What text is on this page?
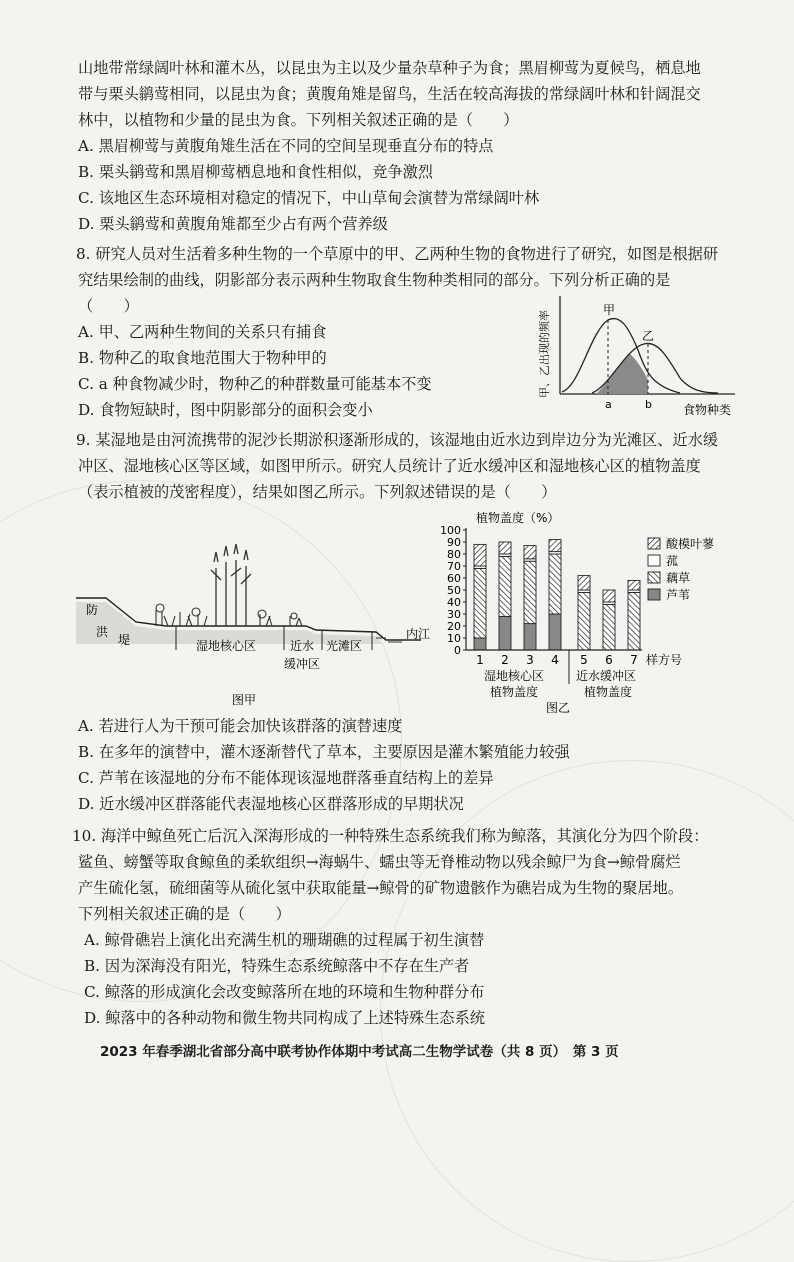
山地带常绿阔叶林和灌木丛，以昆虫为主以及少量杂草种子为食；黑眉柳莺为夏候鸟，栖息地
带与栗头鹟莺相同，以昆虫为食；黄腹角雉是留鸟，生活在较高海拔的常绿阔叶林和针阔混交
林中，以植物和少量的昆虫为食。下列相关叙述正确的是（　　）
A. 黑眉柳莺与黄腹角雉生活在不同的空间呈现垂直分布的特点
B. 栗头鹟莺和黑眉柳莺栖息地和食性相似，竞争激烈
C. 该地区生态环境相对稳定的情况下，中山草甸会演替为常绿阔叶林
D. 栗头鹟莺和黄腹角雉都至少占有两个营养级
8. 研究人员对生活着多种生物的一个草原中的甲、乙两种生物的食物进行了研究，如图是根据研
究结果绘制的曲线，阴影部分表示两种生物取食生物种类相同的部分。下列分析正确的是
（　　）
A. 甲、乙两种生物间的关系只有捕食
B. 物种乙的取食地范围大于物种甲的
C. a 种食物减少时，物种乙的种群数量可能基本不变
D. 食物短缺时，图中阴影部分的面积会变小
甲
乙
a	b	食物种类
甲、乙出现的频率
9. 某湿地是由河流携带的泥沙长期淤积逐渐形成的，该湿地由近水边到岸边分为光滩区、近水缓
冲区、湿地核心区等区域，如图甲所示。研究人员统计了近水缓冲区和湿地核心区的植物盖度
（表示植被的茂密程度），结果如图乙所示。下列叙述错误的是（　　）
防
洪
堤	湿地核心区	近水
缓冲区
光滩区
内江
图甲
植物盖度（%）
0
10
20
30
40
50
60
70
80
90
100
1 2 3 4 5 6 7 样方号
湿地核心区
植物盖度
近水缓冲区
植物盖度
图乙
酸模叶蓼
菰
藕草
芦苇
A. 若进行人为干预可能会加快该群落的演替速度
B. 在多年的演替中，灌木逐渐替代了草本，主要原因是灌木繁殖能力较强
C. 芦苇在该湿地的分布不能体现该湿地群落垂直结构上的差异
D. 近水缓冲区群落能代表湿地核心区群落形成的早期状况
10. 海洋中鲸鱼死亡后沉入深海形成的一种特殊生态系统我们称为鲸落，其演化分为四个阶段：
鲨鱼、螃蟹等取食鲸鱼的柔软组织→海蜗牛、蠕虫等无脊椎动物以残余鲸尸为食→鲸骨腐烂
产生硫化氢，硫细菌等从硫化氢中获取能量→鲸骨的矿物遗骸作为礁岩成为生物的聚居地。
下列相关叙述正确的是（　　）
A. 鲸骨礁岩上演化出充满生机的珊瑚礁的过程属于初生演替
B. 因为深海没有阳光，特殊生态系统鲸落中不存在生产者
C. 鲸落的形成演化会改变鲸落所在地的环境和生物种群分布
D. 鲸落中的各种动物和微生物共同构成了上述特殊生态系统
2023 年春季湖北省部分高中联考协作体期中考试高二生物学试卷（共 8 页）　第 3 页
